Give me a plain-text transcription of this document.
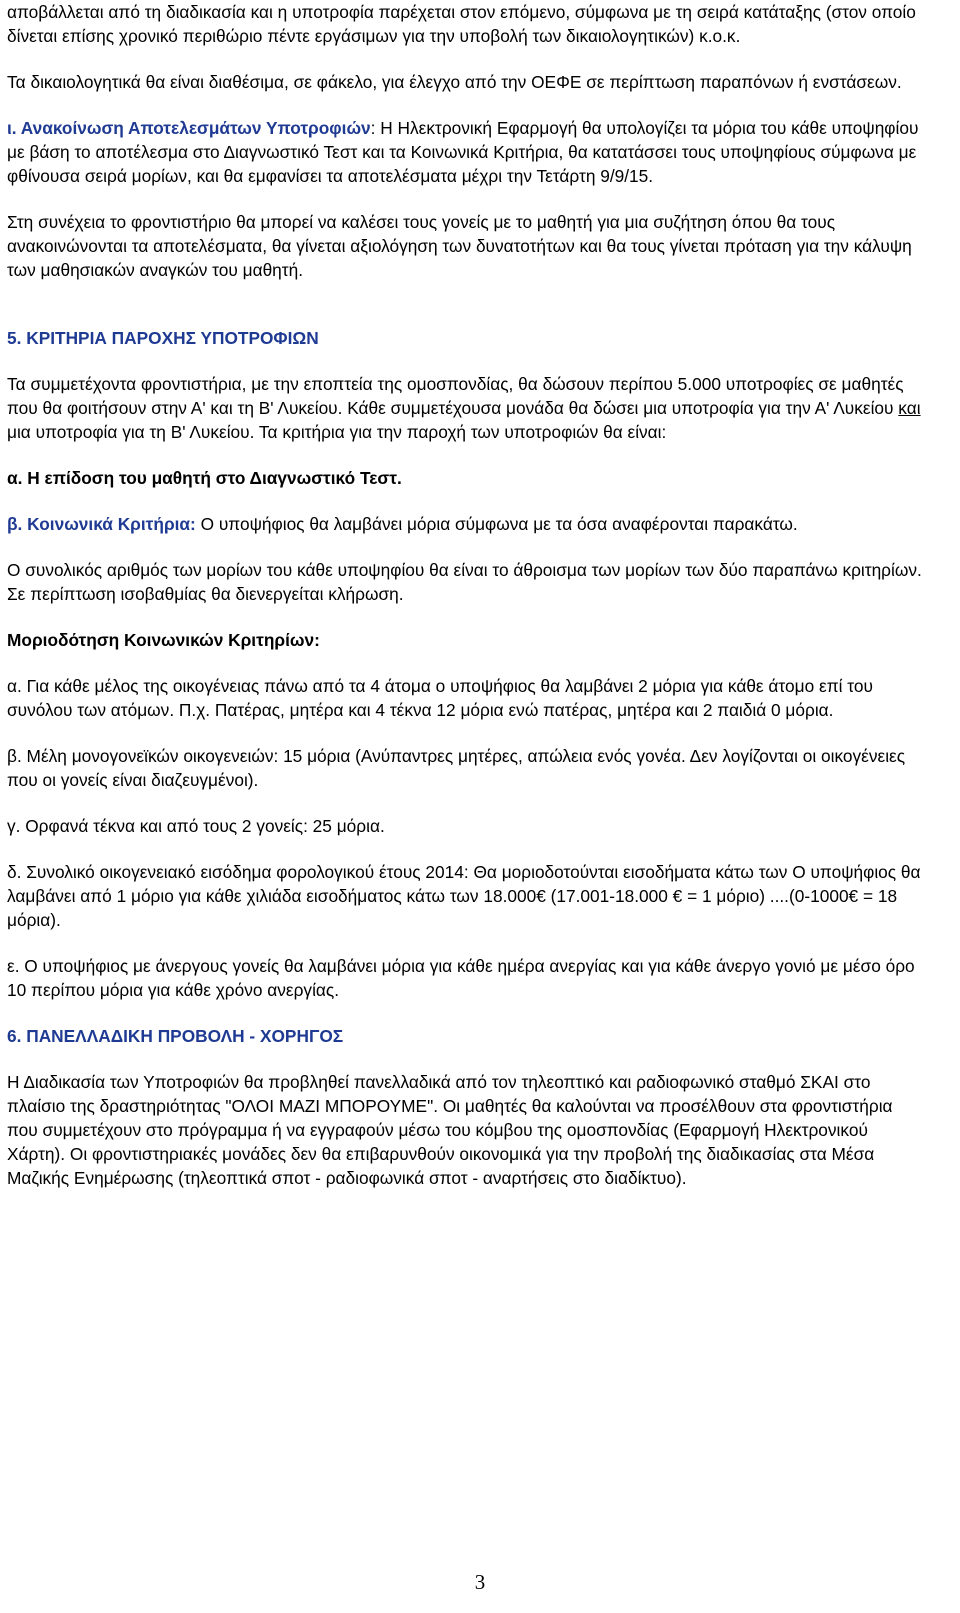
αποβάλλεται από τη διαδικασία και η υποτροφία παρέχεται στον επόμενο, σύμφωνα με τη σειρά κατάταξης (στον οποίο δίνεται επίσης χρονικό περιθώριο πέντε εργάσιμων για την υποβολή των δικαιολογητικών) κ.ο.κ.

Τα δικαιολογητικά θα είναι διαθέσιμα, σε φάκελο, για έλεγχο από την ΟΕΦΕ σε περίπτωση παραπόνων ή ενστάσεων.

ι. Ανακοίνωση Αποτελεσμάτων Υποτροφιών: Η Ηλεκτρονική Εφαρμογή θα υπολογίζει τα μόρια του κάθε υποψηφίου με βάση το αποτέλεσμα στο Διαγνωστικό Τεστ και τα Κοινωνικά Κριτήρια, θα κατατάσσει τους υποψηφίους σύμφωνα με φθίνουσα σειρά μορίων, και θα εμφανίσει τα αποτελέσματα μέχρι την Τετάρτη 9/9/15.

Στη συνέχεια το φροντιστήριο θα μπορεί να καλέσει τους γονείς με το μαθητή για μια συζήτηση όπου θα τους ανακοινώνονται τα αποτελέσματα, θα γίνεται αξιολόγηση των δυνατοτήτων και θα τους γίνεται πρόταση για την κάλυψη των μαθησιακών αναγκών του μαθητή.

5. ΚΡΙΤΗΡΙΑ ΠΑΡΟΧΗΣ ΥΠΟΤΡΟΦΙΩΝ

Τα συμμετέχοντα φροντιστήρια, με την εποπτεία της ομοσπονδίας, θα δώσουν περίπου 5.000 υποτροφίες σε μαθητές που θα φοιτήσουν στην Α' και τη Β' Λυκείου. Κάθε συμμετέχουσα μονάδα θα δώσει μια υποτροφία για την Α' Λυκείου και μια υποτροφία για τη Β' Λυκείου. Τα κριτήρια για την παροχή των υποτροφιών θα είναι:

α. Η επίδοση του μαθητή στο Διαγνωστικό Τεστ.

β. Κοινωνικά Κριτήρια: Ο υποψήφιος θα λαμβάνει μόρια σύμφωνα με τα όσα αναφέρονται παρακάτω.

Ο συνολικός αριθμός των μορίων του κάθε υποψηφίου θα είναι το άθροισμα των μορίων των δύο παραπάνω κριτηρίων. Σε περίπτωση ισοβαθμίας θα διενεργείται κλήρωση.

Μοριοδότηση Κοινωνικών Κριτηρίων:

α. Για κάθε μέλος της οικογένειας πάνω από τα 4 άτομα ο υποψήφιος θα λαμβάνει 2 μόρια για κάθε άτομο επί του συνόλου των ατόμων. Π.χ. Πατέρας, μητέρα και 4 τέκνα 12 μόρια ενώ πατέρας, μητέρα και 2 παιδιά 0 μόρια.

β. Μέλη μονογονεϊκών οικογενειών: 15 μόρια (Ανύπαντρες μητέρες, απώλεια ενός γονέα. Δεν λογίζονται οι οικογένειες που οι γονείς είναι διαζευγμένοι).

γ. Ορφανά τέκνα και από τους 2 γονείς: 25 μόρια.

δ. Συνολικό οικογενειακό εισόδημα φορολογικού έτους 2014: Θα μοριοδοτούνται εισοδήματα κάτω των Ο υποψήφιος θα λαμβάνει από 1 μόριο για κάθε χιλιάδα εισοδήματος κάτω των 18.000€ (17.001-18.000 € = 1 μόριο) ....(0-1000€ = 18 μόρια).

ε. Ο υποψήφιος με άνεργους γονείς θα λαμβάνει μόρια για κάθε ημέρα ανεργίας και για κάθε άνεργο γονιό με μέσο όρο 10 περίπου μόρια για κάθε χρόνο ανεργίας.

6. ΠΑΝΕΛΛΑΔΙΚΗ ΠΡΟΒΟΛΗ - ΧΟΡΗΓΟΣ

Η Διαδικασία των Υποτροφιών θα προβληθεί πανελλαδικά από τον τηλεοπτικό και ραδιοφωνικό σταθμό ΣΚΑΙ στο πλαίσιο της δραστηριότητας "ΟΛΟΙ ΜΑΖΙ ΜΠΟΡΟΥΜΕ". Οι μαθητές θα καλούνται να προσέλθουν στα φροντιστήρια που συμμετέχουν στο πρόγραμμα ή να εγγραφούν μέσω του κόμβου της ομοσπονδίας (Εφαρμογή Ηλεκτρονικού Χάρτη). Οι φροντιστηριακές μονάδες δεν θα επιβαρυνθούν οικονομικά για την προβολή της διαδικασίας στα Μέσα Μαζικής Ενημέρωσης (τηλεοπτικά σποτ - ραδιοφωνικά σποτ - αναρτήσεις στο διαδίκτυο).

3
